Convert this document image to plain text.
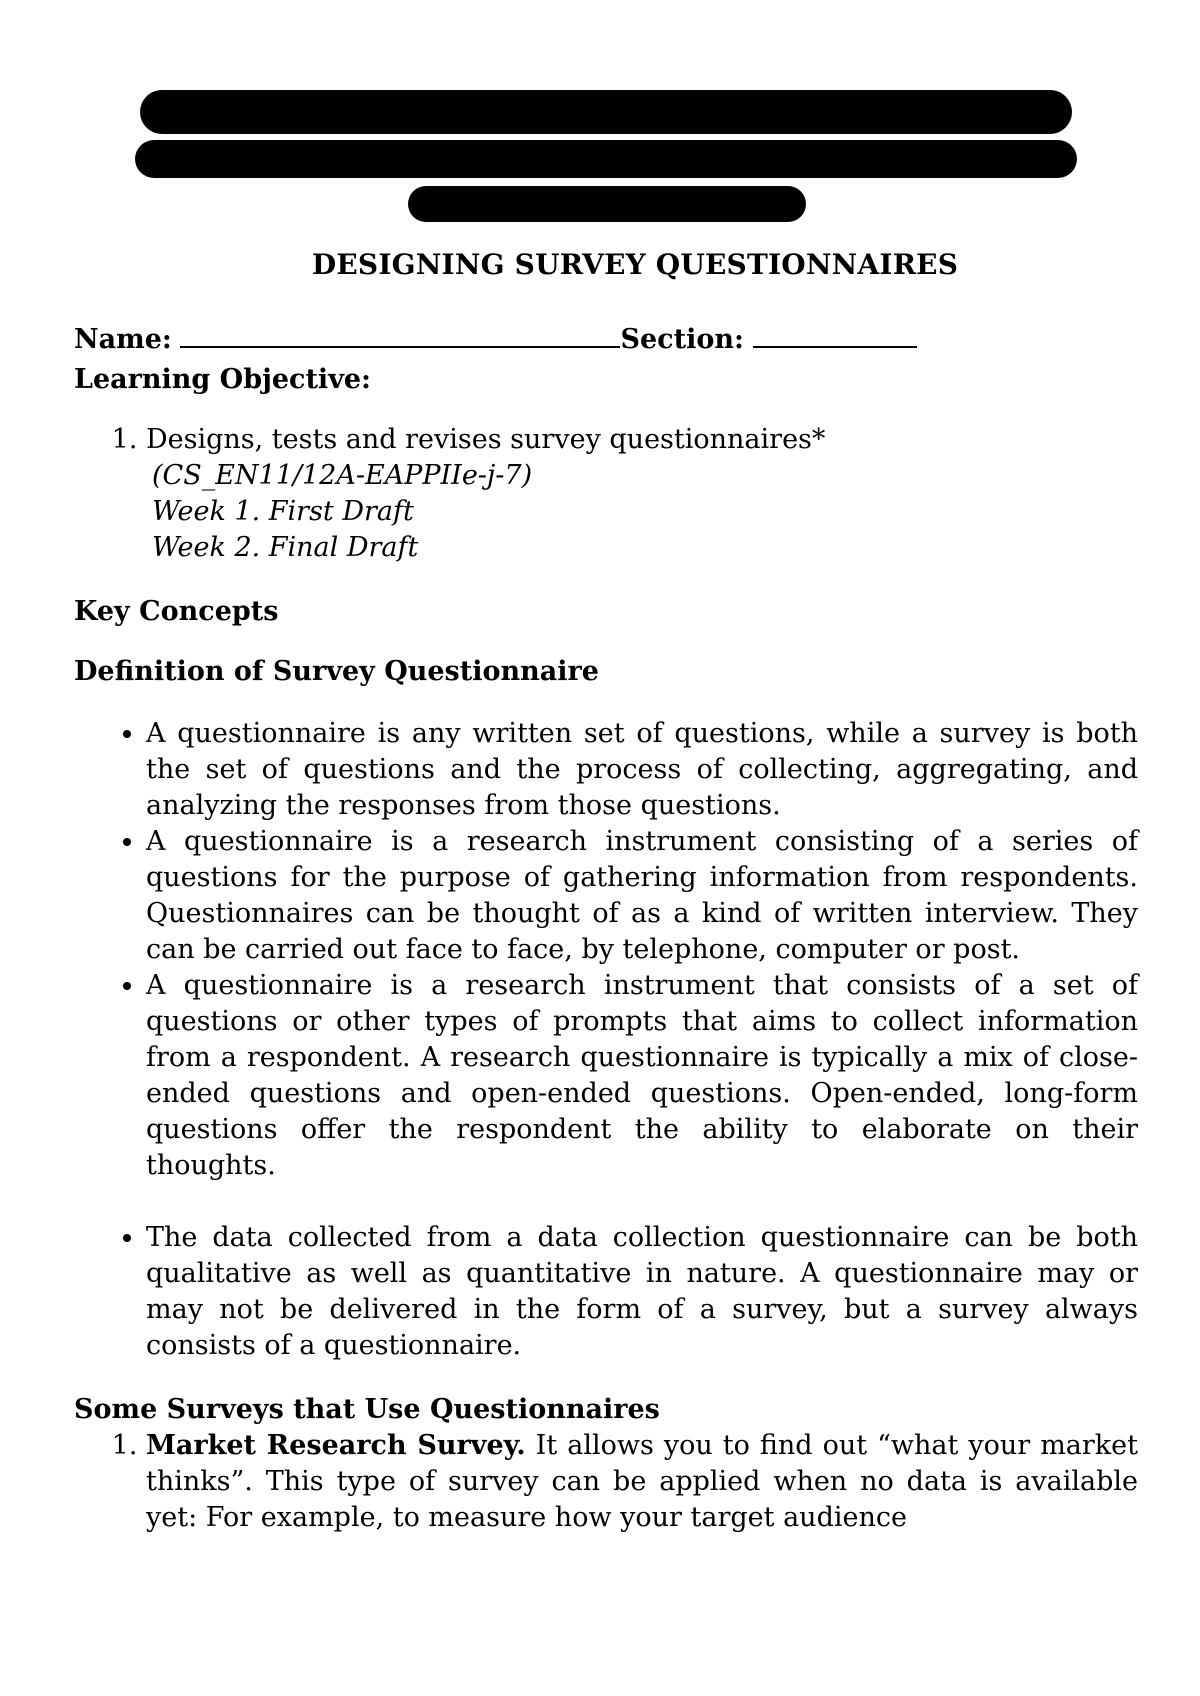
DESIGNING SURVEY QUESTIONNAIRES

Name:	Section:

Learning Objective:

1. Designs, tests and revises survey questionnaires*
(CS_EN11/12A-EAPPIIe-j-7)
Week 1. First Draft
Week 2. Final Draft

Key Concepts

Definition of Survey Questionnaire

• A questionnaire is any written set of questions, while a survey is both the set of questions and the process of collecting, aggregating, and analyzing the responses from those questions.
• A questionnaire is a research instrument consisting of a series of questions for the purpose of gathering information from respondents. Questionnaires can be thought of as a kind of written interview. They can be carried out face to face, by telephone, computer or post.
• A questionnaire is a research instrument that consists of a set of questions or other types of prompts that aims to collect information from a respondent. A research questionnaire is typically a mix of close-ended questions and open-ended questions. Open-ended, long-form questions offer the respondent the ability to elaborate on their thoughts.
• The data collected from a data collection questionnaire can be both qualitative as well as quantitative in nature. A questionnaire may or may not be delivered in the form of a survey, but a survey always consists of a questionnaire.

Some Surveys that Use Questionnaires

1. Market Research Survey. It allows you to find out “what your market thinks”. This type of survey can be applied when no data is available yet: For example, to measure how your target audience
